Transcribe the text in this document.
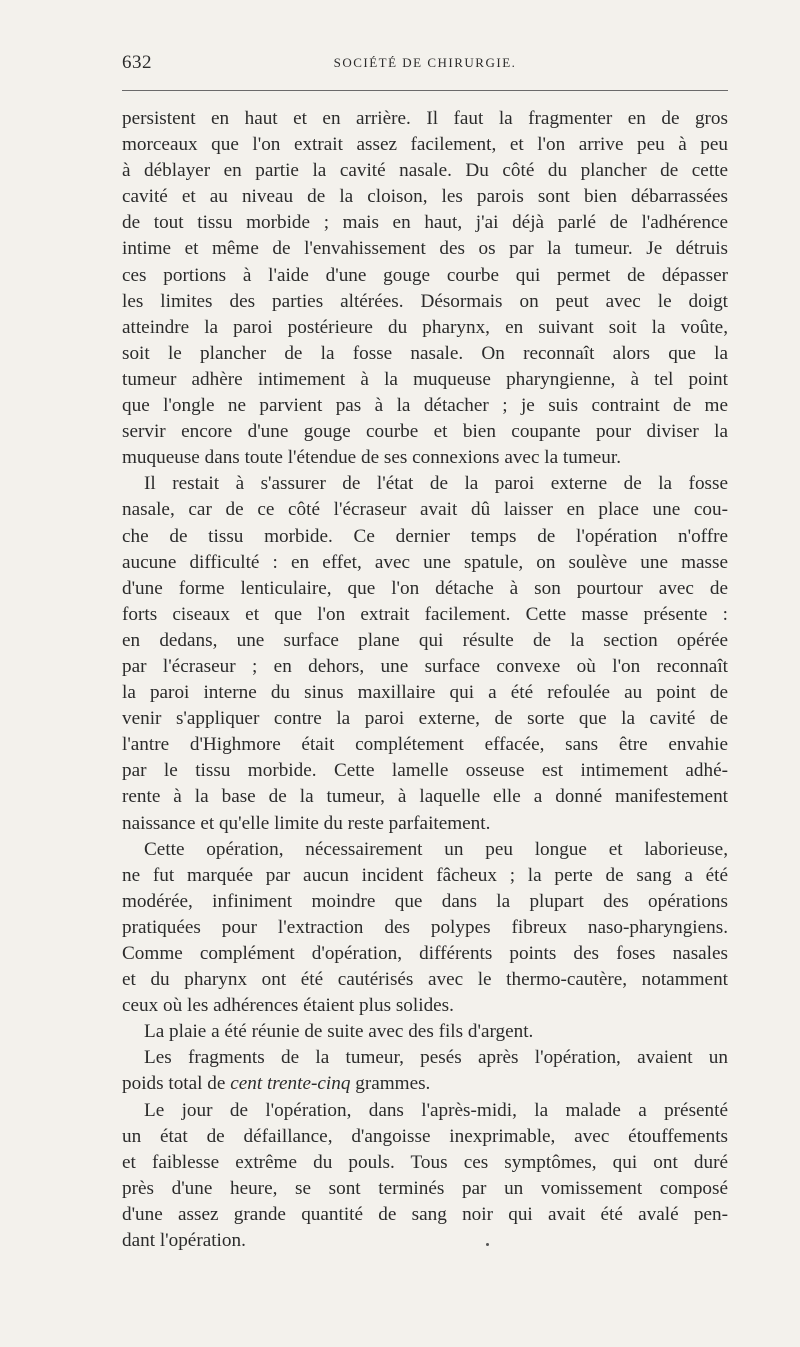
632	SOCIÉTÉ DE CHIRURGIE.
persistent en haut et en arrière. Il faut la fragmenter en de gros
morceaux que l'on extrait assez facilement, et l'on arrive peu à peu
à déblayer en partie la cavité nasale. Du côté du plancher de cette
cavité et au niveau de la cloison, les parois sont bien débarrassées
de tout tissu morbide ; mais en haut, j'ai déjà parlé de l'adhérence
intime et même de l'envahissement des os par la tumeur. Je détruis
ces portions à l'aide d'une gouge courbe qui permet de dépasser
les limites des parties altérées. Désormais on peut avec le doigt
atteindre la paroi postérieure du pharynx, en suivant soit la voûte,
soit le plancher de la fosse nasale. On reconnaît alors que la
tumeur adhère intimement à la muqueuse pharyngienne, à tel point
que l'ongle ne parvient pas à la détacher ; je suis contraint de me
servir encore d'une gouge courbe et bien coupante pour diviser la
muqueuse dans toute l'étendue de ses connexions avec la tumeur.
Il restait à s'assurer de l'état de la paroi externe de la fosse
nasale, car de ce côté l'écraseur avait dû laisser en place une cou-
che de tissu morbide. Ce dernier temps de l'opération n'offre
aucune difficulté : en effet, avec une spatule, on soulève une masse
d'une forme lenticulaire, que l'on détache à son pourtour avec de
forts ciseaux et que l'on extrait facilement. Cette masse présente :
en dedans, une surface plane qui résulte de la section opérée
par l'écraseur ; en dehors, une surface convexe où l'on reconnaît
la paroi interne du sinus maxillaire qui a été refoulée au point de
venir s'appliquer contre la paroi externe, de sorte que la cavité de
l'antre d'Highmore était complétement effacée, sans être envahie
par le tissu morbide. Cette lamelle osseuse est intimement adhé-
rente à la base de la tumeur, à laquelle elle a donné manifestement
naissance et qu'elle limite du reste parfaitement.
Cette opération, nécessairement un peu longue et laborieuse,
ne fut marquée par aucun incident fâcheux ; la perte de sang a été
modérée, infiniment moindre que dans la plupart des opérations
pratiquées pour l'extraction des polypes fibreux naso-pharyngiens.
Comme complément d'opération, différents points des foses nasales
et du pharynx ont été cautérisés avec le thermo-cautère, notamment
ceux où les adhérences étaient plus solides.
La plaie a été réunie de suite avec des fils d'argent.
Les fragments de la tumeur, pesés après l'opération, avaient un
poids total de cent trente-cinq grammes.
Le jour de l'opération, dans l'après-midi, la malade a présenté
un état de défaillance, d'angoisse inexprimable, avec étouffements
et faiblesse extrême du pouls. Tous ces symptômes, qui ont duré
près d'une heure, se sont terminés par un vomissement composé
d'une assez grande quantité de sang noir qui avait été avalé pen-
dant l'opération.
